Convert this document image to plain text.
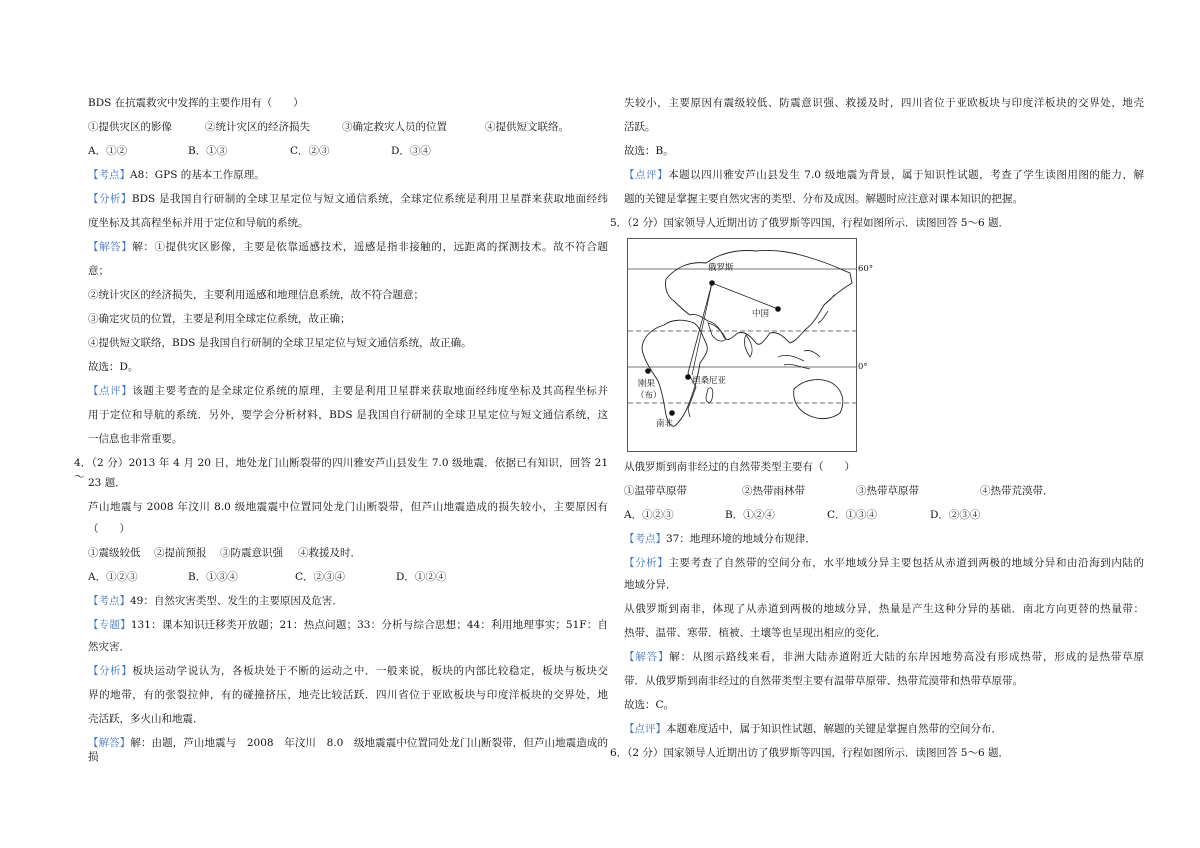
BDS 在抗震救灾中发挥的主要作用有（　　）
①提供灾区的影像	②统计灾区的经济损失	③确定救灾人员的位置	④提供短文联络。
A．①②	B．①③	C．②③	D．③④
【考点】A8：GPS 的基本工作原理。
【分析】BDS 是我国自行研制的全球卫星定位与短文通信系统，全球定位系统是利用卫星群来获取地面经纬
度坐标及其高程坐标并用于定位和导航的系统。
【解答】解：①提供灾区影像，主要是依靠遥感技术，遥感是指非接触的，远距离的探测技术。故不符合题
意；
②统计灾区的经济损失，主要利用遥感和地理信息系统，故不符合题意；
③确定灾员的位置，主要是利用全球定位系统，故正确；
④提供短文联络，BDS 是我国自行研制的全球卫星定位与短文通信系统，故正确。
故选：D。
【点评】该题主要考查的是全球定位系统的原理，主要是利用卫星群来获取地面经纬度坐标及其高程坐标并
用于定位和导航的系统．另外，要学会分析材料，BDS 是我国自行研制的全球卫星定位与短文通信系统，这
一信息也非常重要。
4．（2 分）2013 年 4 月 20 日，地处龙门山断裂带的四川雅安芦山县发生 7.0 级地震．依据已有知识，回答 21～ 23 题．
芦山地震与 2008 年汶川 8.0 级地震震中位置同处龙门山断裂带，但芦山地震造成的损失较小，主要原因有
（　　）
①震级较低 ②提前预报 ③防震意识强 ④救援及时．
A．①②③	B．①③④	C．②③④	D．①②④
【考点】49：自然灾害类型、发生的主要原因及危害．
【专题】131：课本知识迁移类开放题；21：热点问题；33：分析与综合思想；44：利用地理事实；51F：自
然灾害．
【分析】板块运动学说认为，各板块处于不断的运动之中．一般来说，板块的内部比较稳定，板块与板块交
界的地带，有的张裂拉伸，有的碰撞挤压，地壳比较活跃．四川省位于亚欧板块与印度洋板块的交界处，地
壳活跃，多火山和地震．
【解答】解：由题，芦山地震与　2008　年汶川　8.0　级地震震中位置同处龙门山断裂带，但芦山地震造成的损
失较小，主要原因有震级较低、防震意识强、救援及时，四川省位于亚欧板块与印度洋板块的交界处，地壳
活跃。
故选：B。
【点评】本题以四川雅安芦山县发生 7.0 级地震为背景，属于知识性试题，考查了学生读图用图的能力，解
题的关键是掌握主要自然灾害的类型、分布及成因。解题时应注意对课本知识的把握。
5．（2 分）国家领导人近期出访了俄罗斯等四国，行程如图所示．读图回答 5～6 题．
俄罗斯
中国
刚果
（布）
坦桑尼亚
南非
60°
0°
从俄罗斯到南非经过的自然带类型主要有（　　）
①温带草原带	②热带雨林带	③热带草原带	④热带荒漠带．
A．①②③	B．①②④	C．①③④	D．②③④
【考点】37：地理环境的地域分布规律．
【分析】主要考查了自然带的空间分布，水平地域分异主要包括从赤道到两极的地域分异和由沿海到内陆的
地域分异．
从俄罗斯到南非，体现了从赤道到两极的地域分异，热量是产生这种分异的基础．南北方向更替的热量带：
热带、温带、寒带．植被、土壤等也呈现出相应的变化．
【解答】解：从图示路线来看，非洲大陆赤道附近大陆的东岸因地势高没有形成热带，形成的是热带草原
带．从俄罗斯到南非经过的自然带类型主要有温带草原带、热带荒漠带和热带草原带。
故选：C。
【点评】本题难度适中，属于知识性试题，解题的关键是掌握自然带的空间分布．
6．（2 分）国家领导人近期出访了俄罗斯等四国，行程如图所示．读图回答 5～6 题．
